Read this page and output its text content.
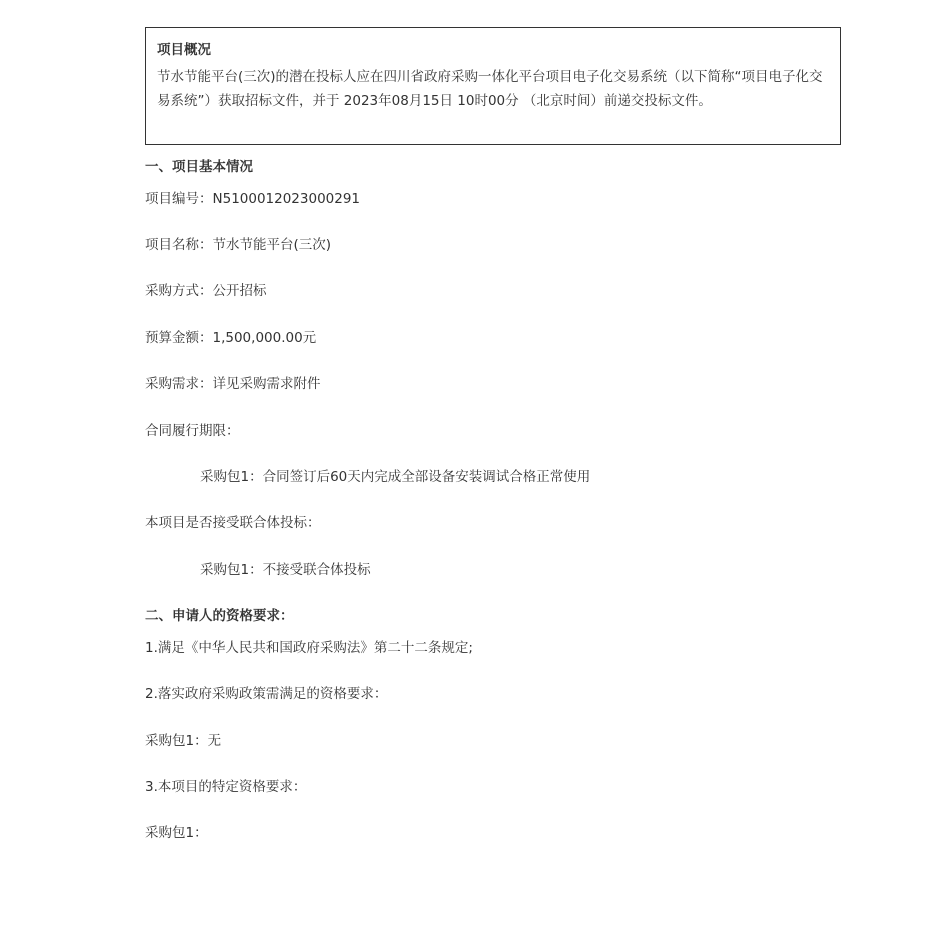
项目概况

节水节能平台(三次)的潜在投标人应在四川省政府采购一体化平台项目电子化交易系统（以下简称“项目电子化交易系统”）获取招标文件，并于 2023年08月15日 10时00分 （北京时间）前递交投标文件。

一、项目基本情况

项目编号：N5100012023000291

项目名称：节水节能平台(三次)

采购方式：公开招标

预算金额：1,500,000.00元

采购需求：详见采购需求附件

合同履行期限：

采购包1：合同签订后60天内完成全部设备安装调试合格正常使用

本项目是否接受联合体投标：

采购包1：不接受联合体投标

二、申请人的资格要求：

1.满足《中华人民共和国政府采购法》第二十二条规定;

2.落实政府采购政策需满足的资格要求：

采购包1：无

3.本项目的特定资格要求：

采购包1：
